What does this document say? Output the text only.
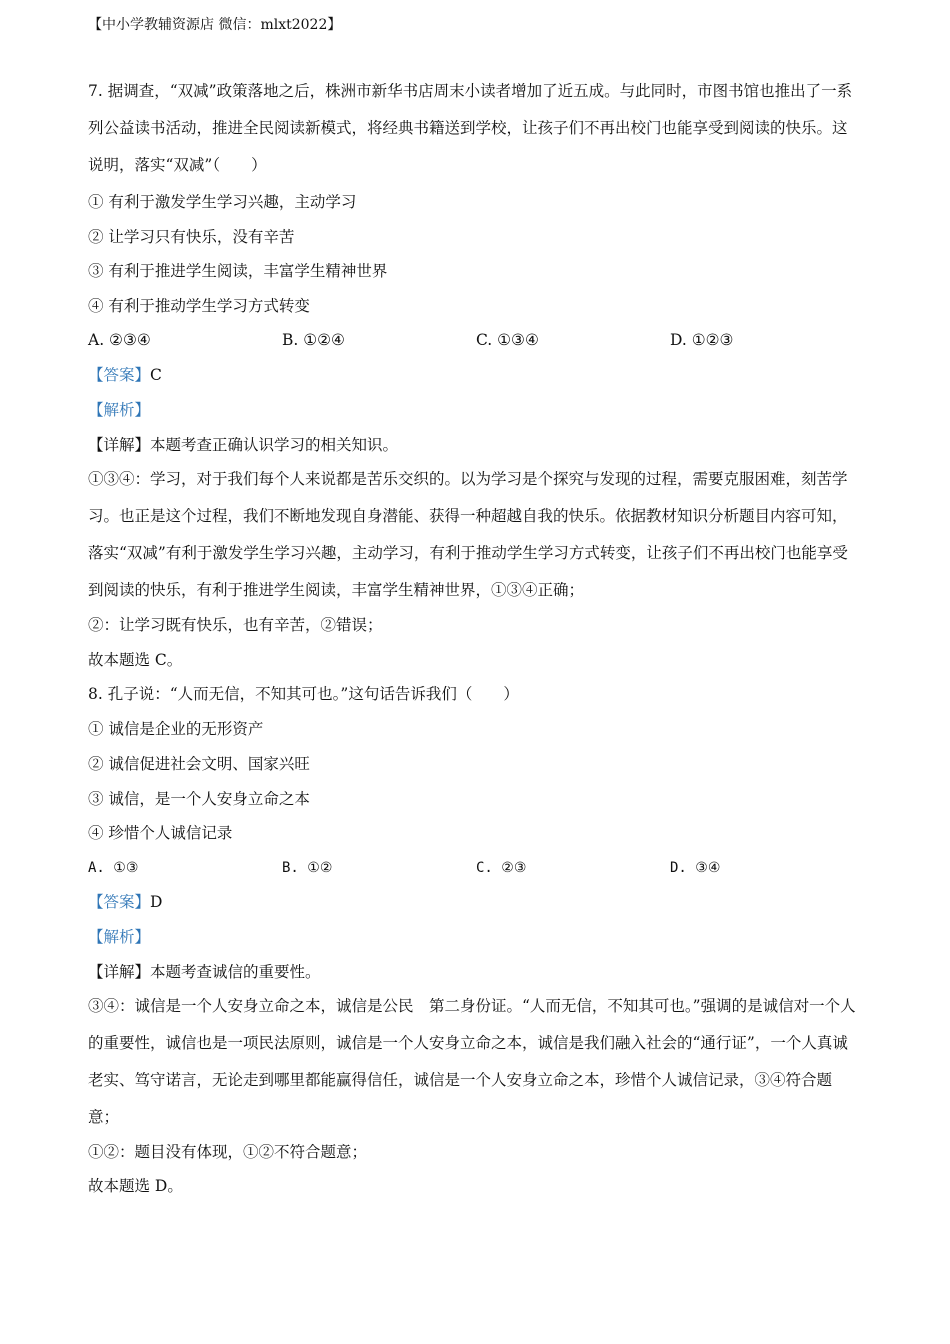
【中小学教辅资源店 微信：mlxt2022】
7. 据调查，“双减”政策落地之后，株洲市新华书店周末小读者增加了近五成。与此同时，市图书馆也推出了一系列公益读书活动，推进全民阅读新模式，将经典书籍送到学校，让孩子们不再出校门也能享受到阅读的快乐。这说明，落实“双减”（　　）
① 有利于激发学生学习兴趣，主动学习
② 让学习只有快乐，没有辛苦
③ 有利于推进学生阅读，丰富学生精神世界
④ 有利于推动学生学习方式转变
A. ②③④	B. ①②④	C. ①③④	D. ①②③
【答案】C
【解析】
【详解】本题考查正确认识学习的相关知识。
①③④：学习，对于我们每个人来说都是苦乐交织的。以为学习是个探究与发现的过程，需要克服困难，刻苦学习。也正是这个过程，我们不断地发现自身潜能、获得一种超越自我的快乐。依据教材知识分析题目内容可知，落实“双减”有利于激发学生学习兴趣，主动学习，有利于推动学生学习方式转变，让孩子们不再出校门也能享受到阅读的快乐，有利于推进学生阅读，丰富学生精神世界，①③④正确；
②：让学习既有快乐，也有辛苦，②错误；
故本题选 C。
8. 孔子说：“人而无信，不知其可也。”这句话告诉我们（　　）
① 诚信是企业的无形资产
② 诚信促进社会文明、国家兴旺
③ 诚信，是一个人安身立命之本
④ 珍惜个人诚信记录
A. ①③	B. ①②	C. ②③	D. ③④
【答案】D
【解析】
【详解】本题考查诚信的重要性。
③④：诚信是一个人安身立命之本，诚信是公民　第二身份证。“人而无信，不知其可也。”强调的是诚信对一个人的重要性，诚信也是一项民法原则，诚信是一个人安身立命之本，诚信是我们融入社会的“通行证”，一个人真诚老实、笃守诺言，无论走到哪里都能赢得信任，诚信是一个人安身立命之本，珍惜个人诚信记录，③④符合题意；
①②：题目没有体现，①②不符合题意；
故本题选 D。
